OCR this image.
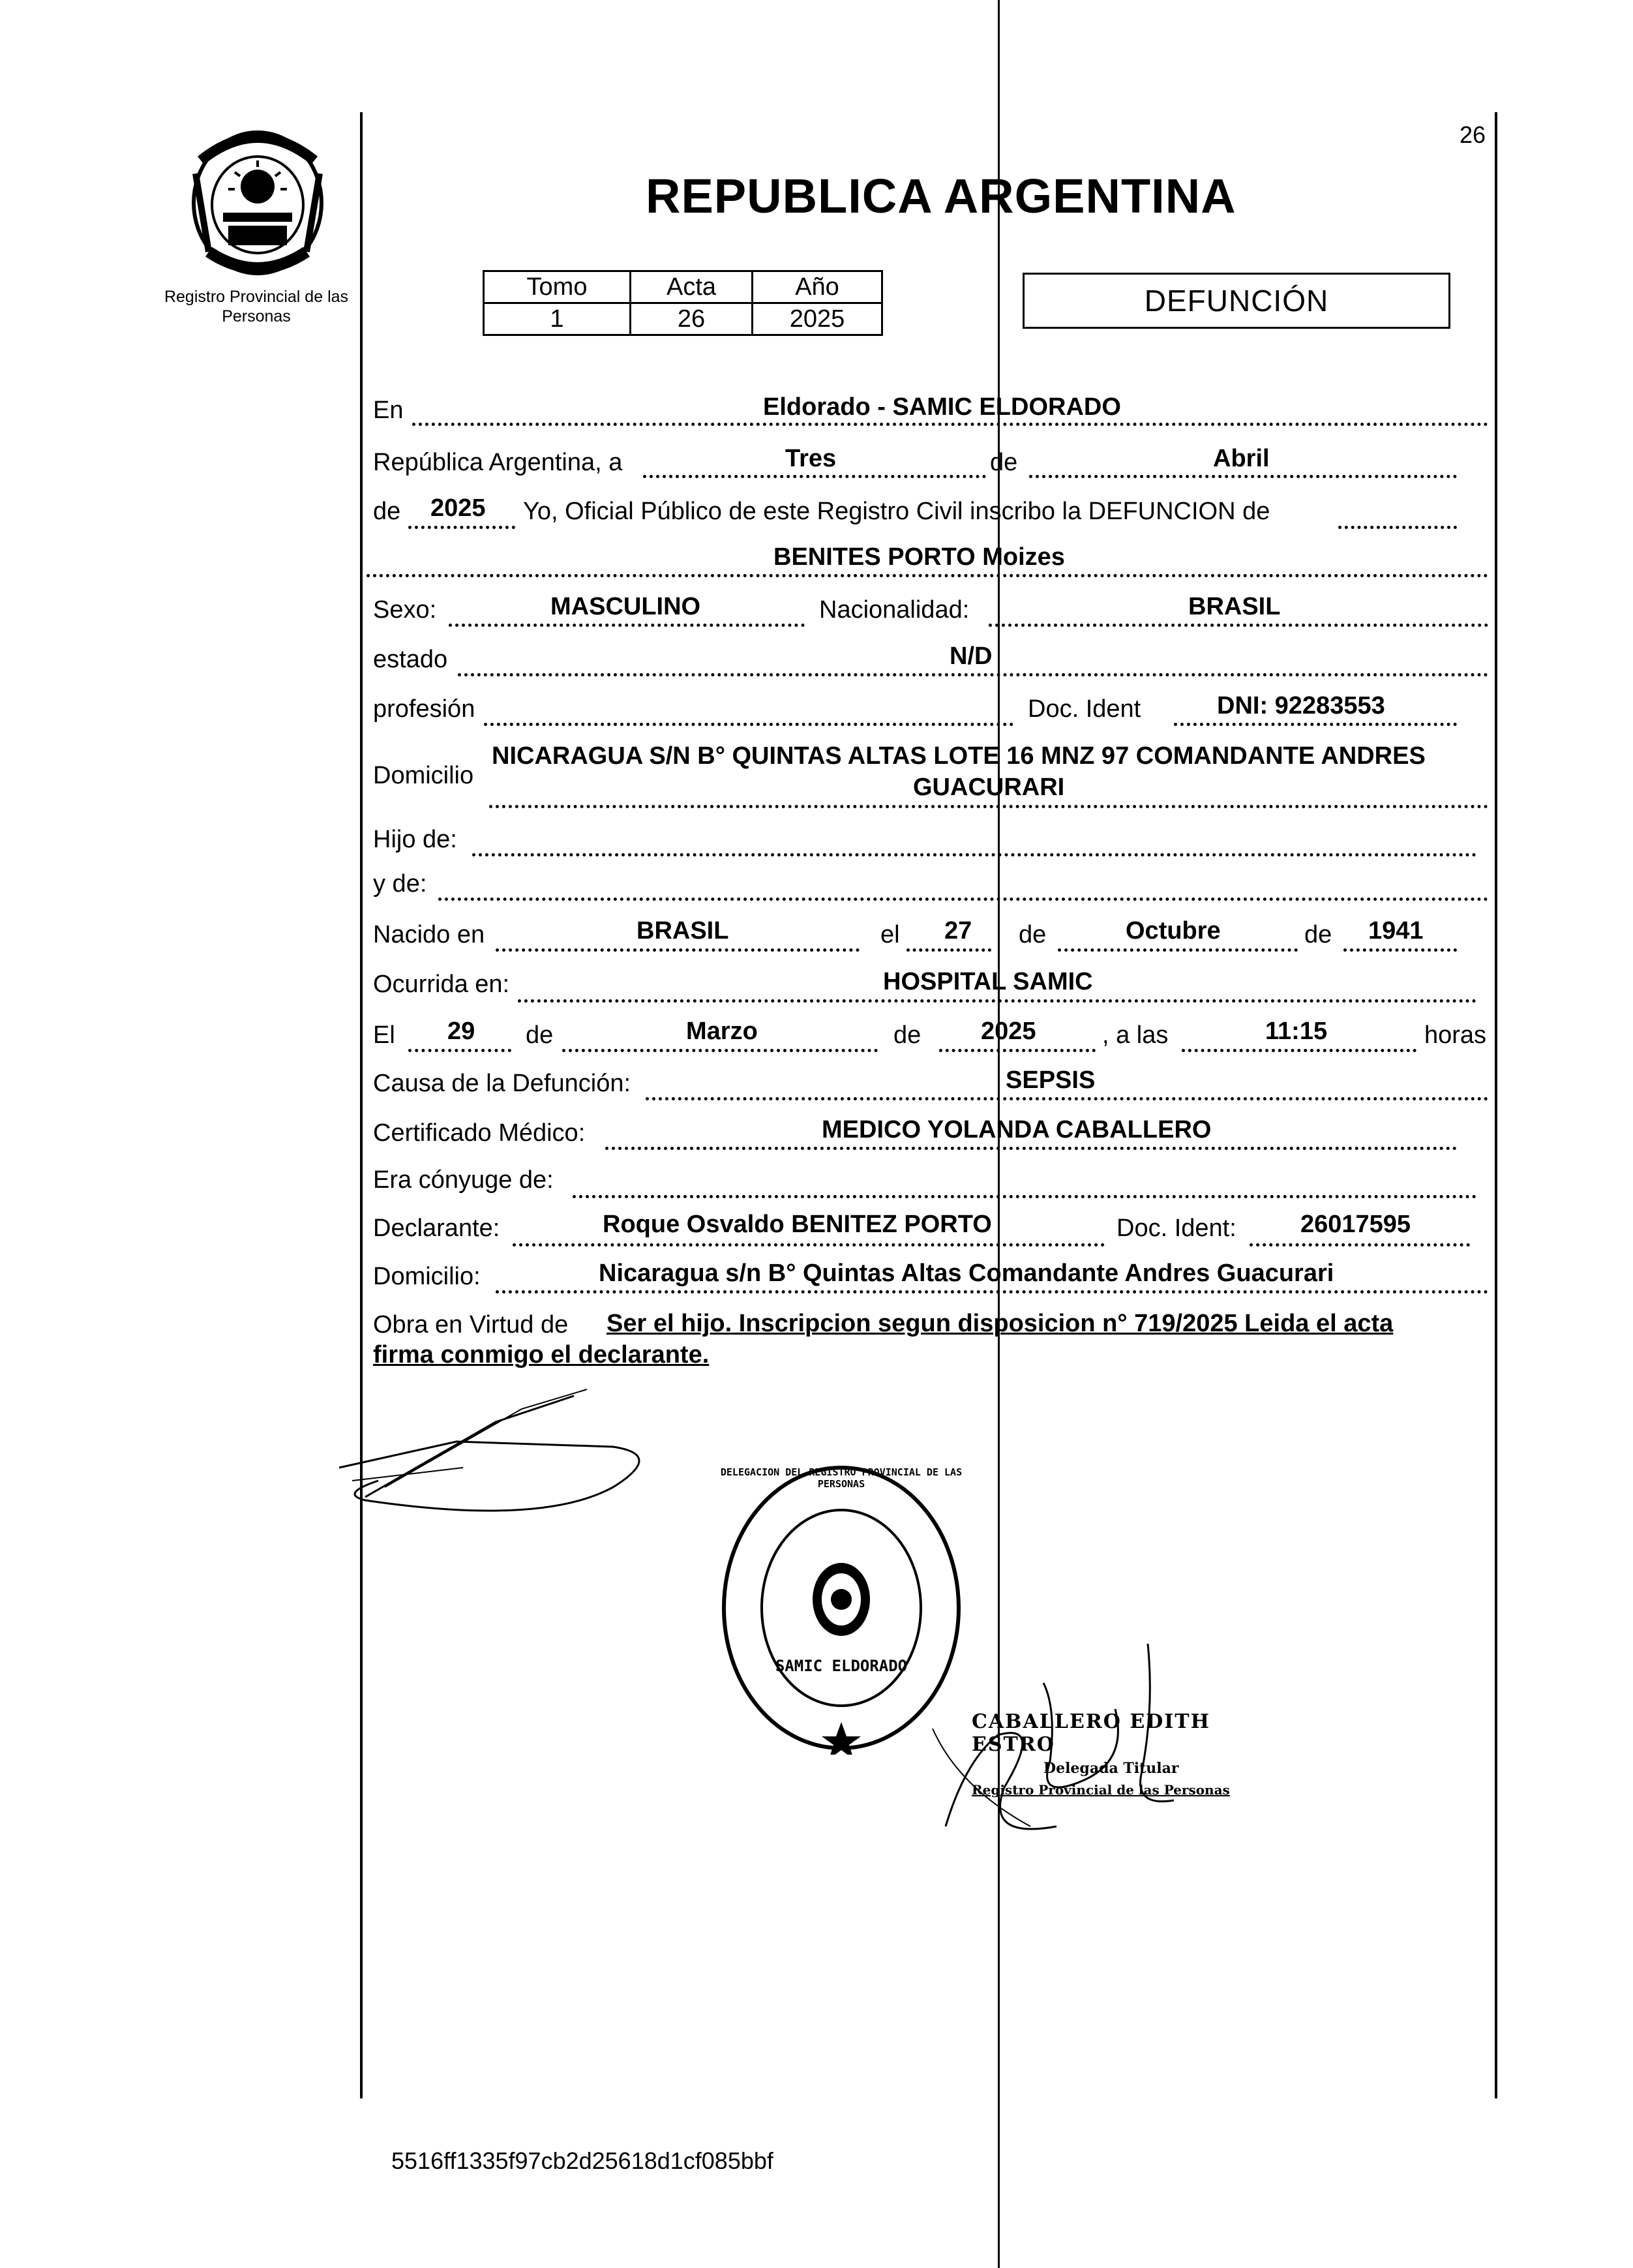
Registro Provincial de las Personas
26
REPUBLICA ARGENTINA
Tomo	Acta	Año
1	26	2025
DEFUNCIÓN
En	Eldorado - SAMIC ELDORADO
República Argentina, a	Tres	de	Abril
de 2025 Yo, Oficial Público de este Registro Civil inscribo la DEFUNCION de
BENITES PORTO Moizes
Sexo:	MASCULINO	Nacionalidad:	BRASIL
estado	N/D
profesión	Doc. Ident	DNI: 92283553
Domicilio
NICARAGUA S/N B° QUINTAS ALTAS LOTE 16 MNZ 97 COMANDANTE ANDRES
GUACURARI
Hijo de:
y de:
Nacido en	BRASIL	el 27 de	Octubre	de 1941
Ocurrida en:	HOSPITAL SAMIC
El 29 de	Marzo	de 2025	, a las	11:15	horas
Causa de la Defunción:	SEPSIS
Certificado Médico:	MEDICO YOLANDA CABALLERO
Era cónyuge de:
Declarante:	Roque Osvaldo BENITEZ PORTO	Doc. Ident:	26017595
Domicilio:	Nicaragua s/n B° Quintas Altas Comandante Andres Guacurari
Obra en Virtud de Ser el hijo. Inscripcion segun disposicion n° 719/2025 Leida el acta
firma conmigo el declarante.
DELEGACION DEL REGISTRO PROVINCIAL DE LAS PERSONAS
SAMIC ELDORADO
CABALLERO EDITH ESTRO
Delegada Titular
Registro Provincial de las Personas
5516ff1335f97cb2d25618d1cf085bbf
